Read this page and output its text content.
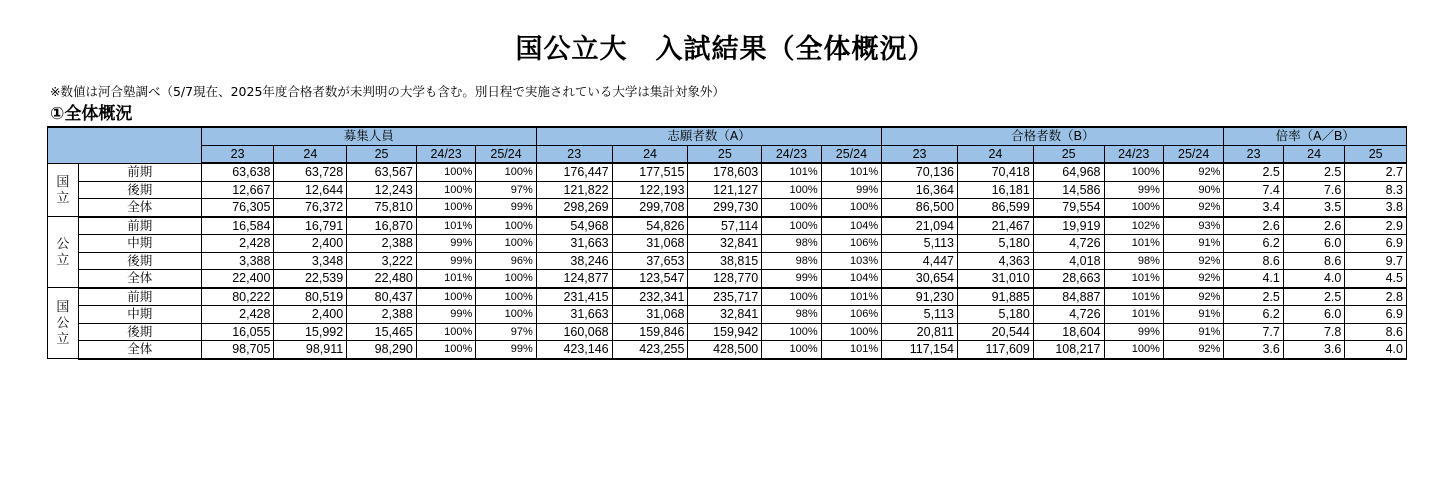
国公立大　入試結果（全体概況）
※数値は河合塾調べ（5/7現在、2025年度合格者数が未判明の大学も含む。別日程で実施されている大学は集計対象外）
①全体概況
		募集人員					志願者数（A）					合格者数（B）					倍率（A／B）		
		23	24	25	24/23	25/24	23	24	25	24/23	25/24	23	24	25	24/23	25/24	23	24	25

国
立	前期	63,638	63,728	63,567	100%	100%	176,447	177,515	178,603	101%	101%	70,136	70,418	64,968	100%	92%	2.5	2.5	2.7
	後期	12,667	12,644	12,243	100%	97%	121,822	122,193	121,127	100%	99%	16,364	16,181	14,586	99%	90%	7.4	7.6	8.3
	全体	76,305	76,372	75,810	100%	99%	298,269	299,708	299,730	100%	100%	86,500	86,599	79,554	100%	92%	3.4	3.5	3.8

公
立	前期	16,584	16,791	16,870	101%	100%	54,968	54,826	57,114	100%	104%	21,094	21,467	19,919	102%	93%	2.6	2.6	2.9
	中期	2,428	2,400	2,388	99%	100%	31,663	31,068	32,841	98%	106%	5,113	5,180	4,726	101%	91%	6.2	6.0	6.9
	後期	3,388	3,348	3,222	99%	96%	38,246	37,653	38,815	98%	103%	4,447	4,363	4,018	98%	92%	8.6	8.6	9.7
	全体	22,400	22,539	22,480	101%	100%	124,877	123,547	128,770	99%	104%	30,654	31,010	28,663	101%	92%	4.1	4.0	4.5

国
公
立	前期	80,222	80,519	80,437	100%	100%	231,415	232,341	235,717	100%	101%	91,230	91,885	84,887	101%	92%	2.5	2.5	2.8
	中期	2,428	2,400	2,388	99%	100%	31,663	31,068	32,841	98%	106%	5,113	5,180	4,726	101%	91%	6.2	6.0	6.9
	後期	16,055	15,992	15,465	100%	97%	160,068	159,846	159,942	100%	100%	20,811	20,544	18,604	99%	91%	7.7	7.8	8.6
	全体	98,705	98,911	98,290	100%	99%	423,146	423,255	428,500	100%	101%	117,154	117,609	108,217	100%	92%	3.6	3.6	4.0
